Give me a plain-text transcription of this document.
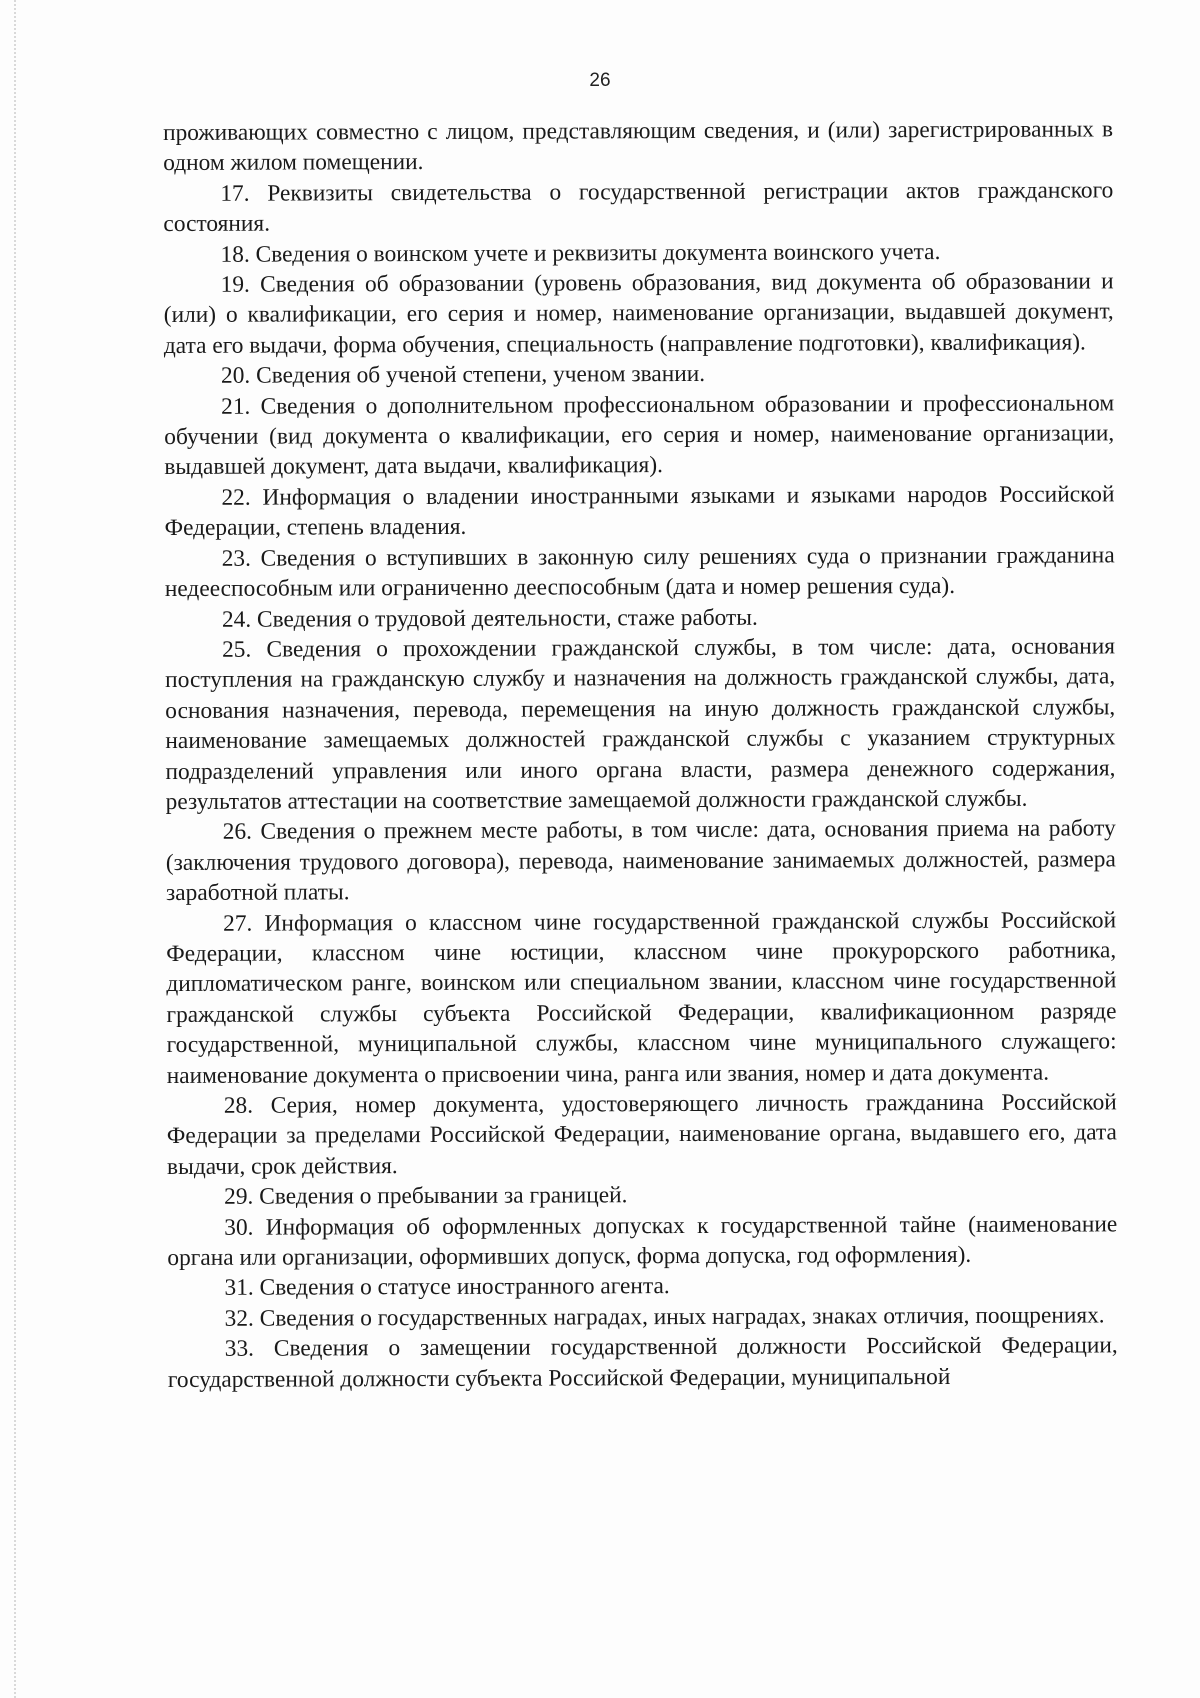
26

проживающих совместно с лицом, представляющим сведения, и (или) зарегистрированных в одном жилом помещении.

17. Реквизиты свидетельства о государственной регистрации актов гражданского состояния.

18. Сведения о воинском учете и реквизиты документа воинского учета.

19. Сведения об образовании (уровень образования, вид документа об образовании и (или) о квалификации, его серия и номер, наименование организации, выдавшей документ, дата его выдачи, форма обучения, специальность (направление подготовки), квалификация).

20. Сведения об ученой степени, ученом звании.

21. Сведения о дополнительном профессиональном образовании и профессиональном обучении (вид документа о квалификации, его серия и номер, наименование организации, выдавшей документ, дата выдачи, квалификация).

22. Информация о владении иностранными языками и языками народов Российской Федерации, степень владения.

23. Сведения о вступивших в законную силу решениях суда о признании гражданина недееспособным или ограниченно дееспособным (дата и номер решения суда).

24. Сведения о трудовой деятельности, стаже работы.

25. Сведения о прохождении гражданской службы, в том числе: дата, основания поступления на гражданскую службу и назначения на должность гражданской службы, дата, основания назначения, перевода, перемещения на иную должность гражданской службы, наименование замещаемых должностей гражданской службы с указанием структурных подразделений управления или иного органа власти, размера денежного содержания, результатов аттестации на соответствие замещаемой должности гражданской службы.

26. Сведения о прежнем месте работы, в том числе: дата, основания приема на работу (заключения трудового договора), перевода, наименование занимаемых должностей, размера заработной платы.

27. Информация о классном чине государственной гражданской службы Российской Федерации, классном чине юстиции, классном чине прокурорского работника, дипломатическом ранге, воинском или специальном звании, классном чине государственной гражданской службы субъекта Российской Федерации, квалификационном разряде государственной, муниципальной службы, классном чине муниципального служащего: наименование документа о присвоении чина, ранга или звания, номер и дата документа.

28. Серия, номер документа, удостоверяющего личность гражданина Российской Федерации за пределами Российской Федерации, наименование органа, выдавшего его, дата выдачи, срок действия.

29. Сведения о пребывании за границей.

30. Информация об оформленных допусках к государственной тайне (наименование органа или организации, оформивших допуск, форма допуска, год оформления).

31. Сведения о статусе иностранного агента.

32. Сведения о государственных наградах, иных наградах, знаках отличия, поощрениях.

33. Сведения о замещении государственной должности Российской Федерации, государственной должности субъекта Российской Федерации, муниципальной
